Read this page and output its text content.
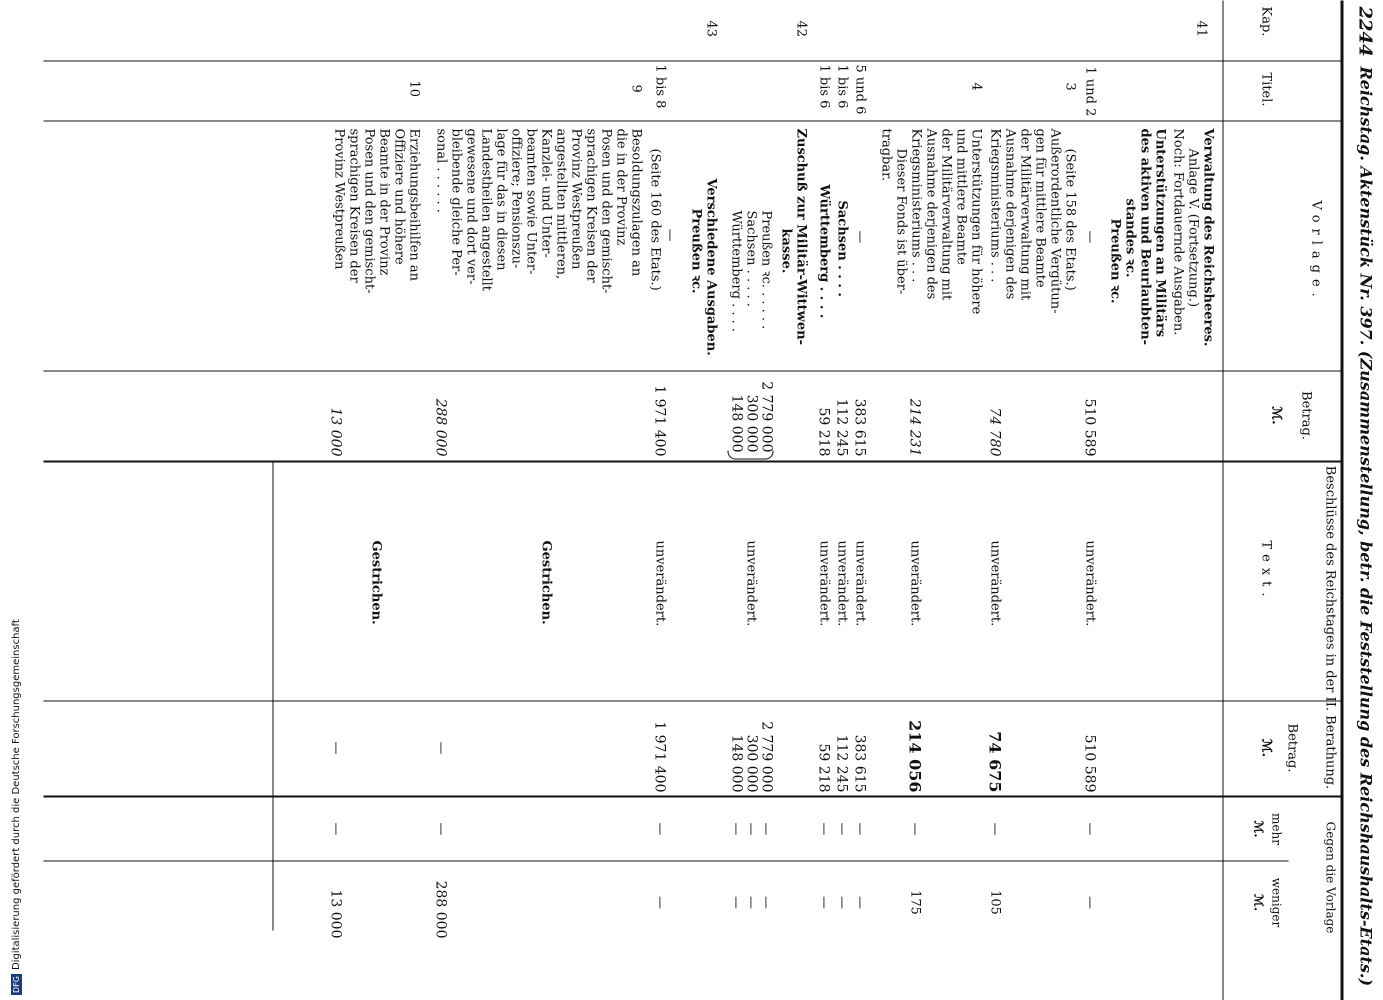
DFGDigitalisierung gefördert durch die Deutsche Forschungsgemeinschaft
2244
Reichstag. Aktenstück Nr. 397. (Zusammenstellung, betr. die Feststellung des Reichshaushalts-Etats.)
Kap.
Titel.
Vorlage.
Betrag.
ℳ.
Beschlüsse des Reichstages in der II. Berathung.
Text.
Betrag.
ℳ.
Gegen die Vorlage
mehr
ℳ.
weniger
ℳ.
41
Verwaltung des Reichsheeres.
Anlage V. (Fortsetzung.)
Noch: Fortdauernde Ausgaben.
Unterstützungen an Militärs
des aktiven und Beurlaubten-
standes ꝛc.
Preußen ꝛc.
1 und 2
—
510 589
unverändert.
510 589
—
—
3
(Seite 158 des Etats.)
Außerordentliche Vergütun-
gen für mittlere Beamte
der Militärverwaltung mit
Ausnahme derjenigen des
Kriegsministeriums . . .
74 780
unverändert.
74 675
—
105
4
Unterstützungen für höhere
und mittlere Beamte
der Militärverwaltung mit
Ausnahme derjenigen des
Kriegsministeriums . . .
Dieser Fonds ist über-
tragbar.
214 231
unverändert.
214 056
—
175
5 und 6
—
383 615
unverändert.
383 615
—
—
1 bis 6
Sachsen . . . .
112 245
unverändert.
112 245
—
—
1 bis 6
Württemberg . . . .
59 218
unverändert.
59 218
—
—
42
Zuschuß zur Militär-Wittwen-
kasse.
Preußen ꝛc. . . . . .
Sachsen . . . . .
Württemberg . . . .
2 779 000
300 000
148 000
unverändert.
2 779 000
300 000
148 000
—
—
—
—
—
—
43
Verschiedene Ausgaben.
Preußen ꝛc.
1 bis 8
—
(Seite 160 des Etats.)
1 971 400
unverändert.
1 971 400
—
—
9
Besoldungszulagen an
die in der Provinz
Posen und den gemischt-
sprachigen Kreisen der
Provinz Westpreußen
angestellten mittleren,
Kanzlei- und Unter-
beamten sowie Unter-
offiziere; Pensionszu-
lage für das in diesen
Landestheilen angestellt
gewesene und dort ver-
bleibende gleiche Per-
sonal . . . . . .
288 000
Gestrichen.
—
—
288 000
10
Erziehungsbeihilfen an
Offiziere und höhere
Beamte in der Provinz
Posen und den gemischt-
sprachigen Kreisen der
Provinz Westpreußen
13 000
Gestrichen.
—
—
13 000
